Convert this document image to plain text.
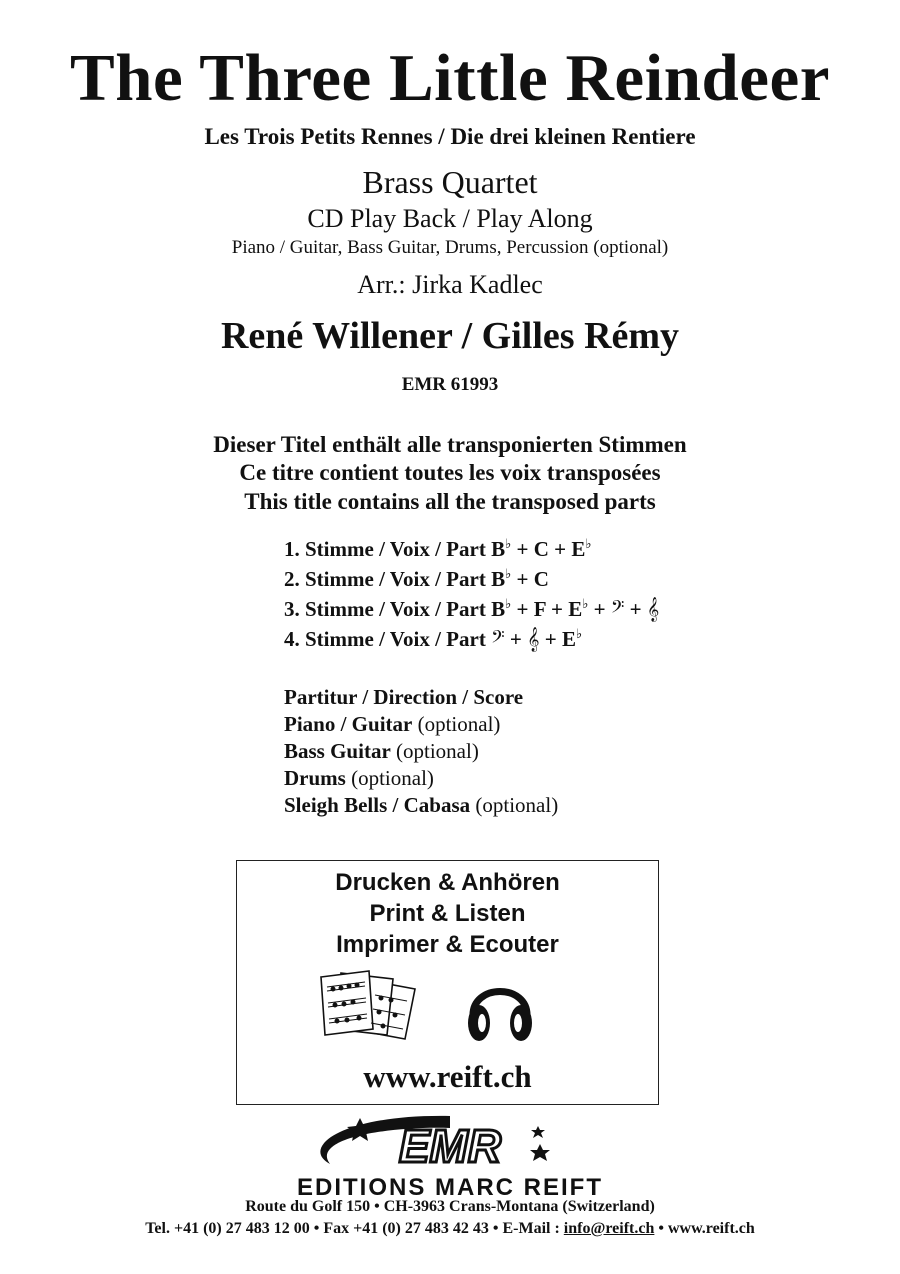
The Three Little Reindeer
Les Trois Petits Rennes / Die drei kleinen Rentiere
Brass Quartet
CD Play Back / Play Along
Piano / Guitar, Bass Guitar, Drums, Percussion (optional)
Arr.: Jirka Kadlec
René Willener / Gilles Rémy
EMR 61993
Dieser Titel enthält alle transponierten Stimmen
Ce titre contient toutes les voix transposées
This title contains all the transposed parts
1. Stimme / Voix / Part B♭ + C + E♭
2. Stimme / Voix / Part B♭ + C
3. Stimme / Voix / Part B♭ + F + E♭ + 𝄢 + 𝄞
4. Stimme / Voix / Part 𝄢 + 𝄞 + E♭
Partitur / Direction / Score
Piano / Guitar (optional)
Bass Guitar (optional)
Drums (optional)
Sleigh Bells / Cabasa (optional)
Drucken & Anhören
Print & Listen
Imprimer & Ecouter
www.reift.ch
EMR
EDITIONS MARC REIFT
Route du Golf 150 • CH-3963 Crans-Montana (Switzerland)
Tel. +41 (0) 27 483 12 00 • Fax +41 (0) 27 483 42 43 • E-Mail : info@reift.ch • www.reift.ch
